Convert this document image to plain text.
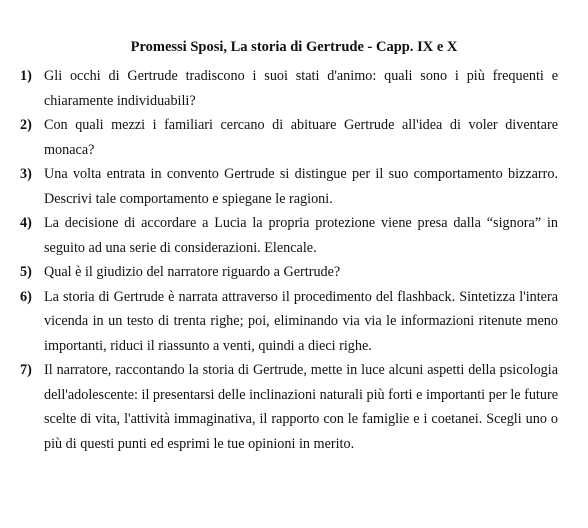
Promessi Sposi, La storia di Gertrude - Capp. IX e X
1) Gli occhi di Gertrude tradiscono i suoi stati d'animo: quali sono i più frequenti e chiaramente individuabili?
2) Con quali mezzi i familiari cercano di abituare Gertrude all'idea di voler diventare monaca?
3) Una volta entrata in convento Gertrude si distingue per il suo comportamento bizzarro. Descrivi tale comportamento e spiegane le ragioni.
4) La decisione di accordare a Lucia la propria protezione viene presa dalla “signora” in seguito ad una serie di considerazioni. Elencale.
5) Qual è il giudizio del narratore riguardo a Gertrude?
6) La storia di Gertrude è narrata attraverso il procedimento del flashback. Sintetizza l'intera vicenda in un testo di trenta righe; poi, eliminando via via le informazioni ritenute meno importanti, riduci il riassunto a venti, quindi a dieci righe.
7) Il narratore, raccontando la storia di Gertrude, mette in luce alcuni aspetti della psicologia dell'adolescente: il presentarsi delle inclinazioni naturali più forti e importanti per le future scelte di vita, l'attività immaginativa, il rapporto con le famiglie e i coetanei. Scegli uno o più di questi punti ed esprimi le tue opinioni in merito.
